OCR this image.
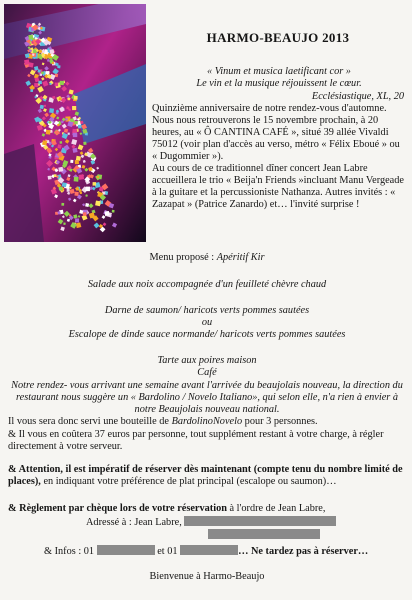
HARMO-BEAUJO 2013
« Vinum et musica laetificant cor »
Le vin et la musique réjouissent le cœur.
Ecclésiastique, XL, 20

Quinzième anniversaire de notre rendez-vous d'automne. Nous nous retrouverons le 15 novembre prochain, à 20 heures, au « Ô CANTINA CAFÉ », situé 39 allée Vivaldi 75012 (voir plan d'accès au verso, métro « Félix Eboué » ou « Dugommier »).

Au cours de ce traditionnel dîner concert Jean Labre accueillera le trio « Beija'n Friends »incluant Manu Vergeade à la guitare et la percussioniste Nathanza. Autres invités : « Zazapat » (Patrice Zanardo) et… l'invité surprise !

Menu proposé : Apéritif Kir
Salade aux noix accompagnée d'un feuilleté chèvre chaud
Darne de saumon/ haricots verts pommes sautées
ou
Escalope de dinde sauce normande/ haricots verts pommes sautées
Tarte aux poires maison
Café
Notre rendez- vous arrivant une semaine avant l'arrivée du beaujolais nouveau, la direction du restaurant nous suggère un « Bardolino / Novelo Italiano», qui selon elle, n'a rien à envier à notre Beaujolais nouveau national.
Il vous sera donc servi une bouteille de BardolinoNovelo pour 3 personnes.
& Il vous en coûtera 37 euros par personne, tout supplément restant à votre charge, à régler directement à votre serveur.
& Attention, il est impératif de réserver dès maintenant (compte tenu du nombre limité de places), en indiquant votre préférence de plat principal (escalope ou saumon)…
& Règlement par chèque lors de votre réservation à l'ordre de Jean Labre,
Adressé à : Jean Labre,
& Infos : 01	et 01	… Ne tardez pas à réserver…
Bienvenue à Harmo-Beaujo
